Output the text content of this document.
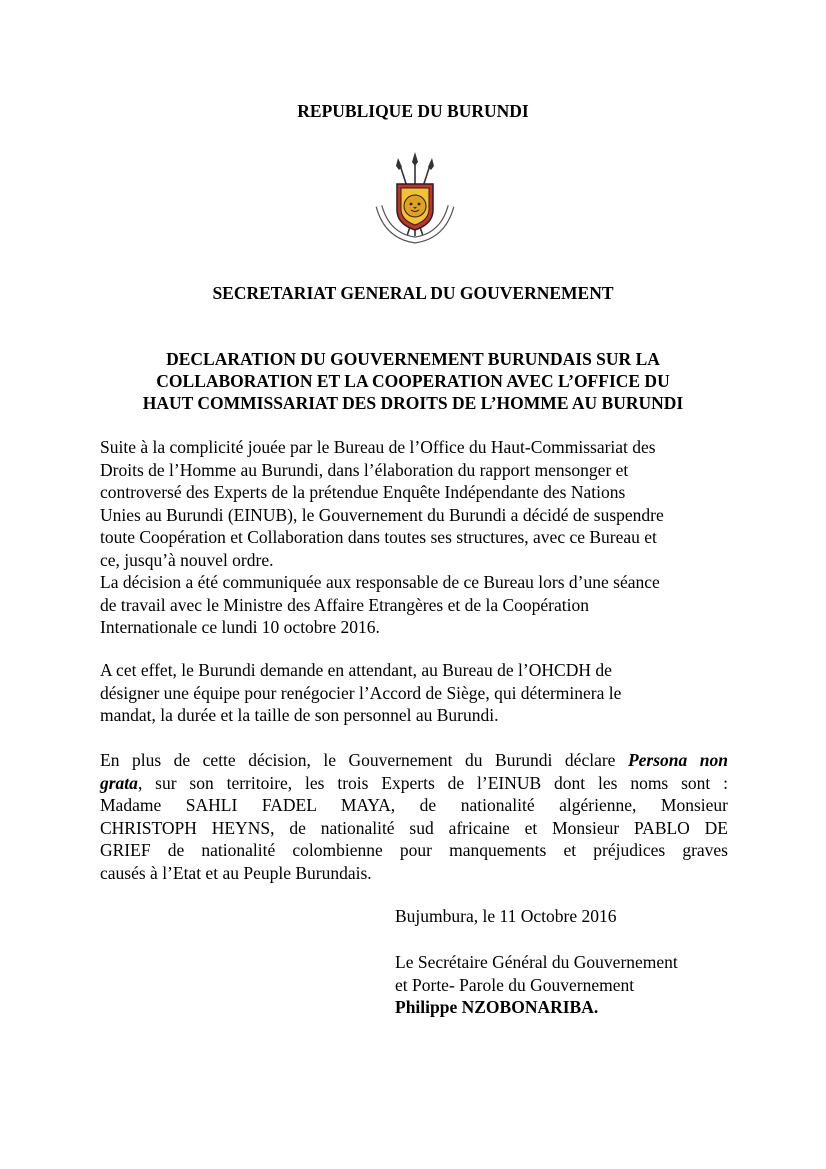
REPUBLIQUE DU BURUNDI
SECRETARIAT GENERAL DU GOUVERNEMENT
DECLARATION DU GOUVERNEMENT BURUNDAIS SUR LA
COLLABORATION ET LA COOPERATION AVEC L’OFFICE DU
HAUT COMMISSARIAT DES DROITS DE L’HOMME AU BURUNDI

Suite à la complicité jouée par le Bureau de l’Office du Haut-Commissariat des

Droits de l’Homme au Burundi, dans l’élaboration du rapport mensonger et

controversé des Experts de la prétendue Enquête Indépendante des Nations

Unies au Burundi (EINUB), le Gouvernement du Burundi a décidé de suspendre

toute Coopération et Collaboration dans toutes ses structures, avec ce Bureau et

ce, jusqu’à nouvel ordre.

La décision a été communiquée aux responsable de ce Bureau lors d’une séance

de travail avec le Ministre des Affaire Etrangères et de la Coopération

Internationale ce lundi 10 octobre 2016.

A cet effet, le Burundi demande en attendant, au Bureau de l’OHCDH de

désigner une équipe pour renégocier l’Accord de Siège, qui déterminera le

mandat, la durée et la taille de son personnel au Burundi.

En plus de cette décision, le Gouvernement du Burundi déclare Persona non
grata, sur son territoire, les trois Experts de l’EINUB dont les noms sont :
Madame SAHLI FADEL MAYA, de nationalité algérienne, Monsieur
CHRISTOPH HEYNS, de nationalité sud africaine et Monsieur PABLO DE
GRIEF de nationalité colombienne pour manquements et préjudices graves
causés à l’Etat et au Peuple Burundais.
Bujumbura, le 11 Octobre 2016
Le Secrétaire Général du Gouvernement
et Porte- Parole du Gouvernement
Philippe NZOBONARIBA.
